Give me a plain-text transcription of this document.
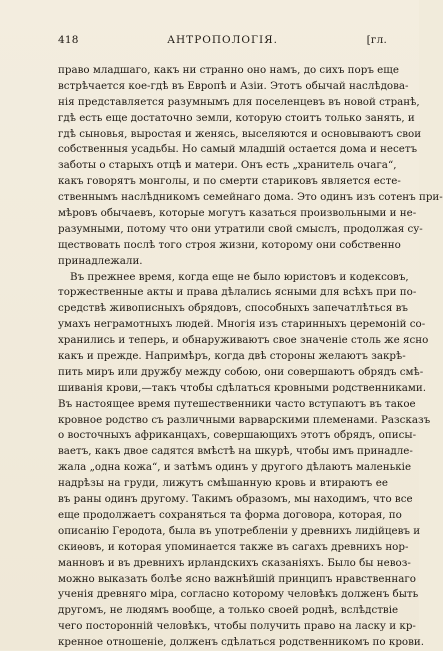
418	АНТРОПОЛОГІЯ.	[гл.
право младшаго, какъ ни странно оно намъ, до сихъ поръ еще
встрѣчается кое-гдѣ въ Европѣ и Азіи. Этотъ обычай наслѣдова-
нія представляется разумнымъ для поселенцевъ въ новой странѣ,
гдѣ есть еще достаточно земли, которую стоитъ только занять, и
гдѣ сыновья, выростая и женясь, выселяются и основываютъ свои
собственныя усадьбы. Но самый младшій остается дома и несетъ
заботы о старыхъ отцѣ и матери. Онъ есть „хранитель очага“,
какъ говорятъ монголы, и по смерти стариковъ является есте-
ственнымъ наслѣдникомъ семейнаго дома. Это одинъ изъ сотенъ при-
мѣровъ обычаевъ, которые могутъ казаться произвольными и не-
разумными, потому что они утратили свой смыслъ, продолжая су-
ществовать послѣ того строя жизни, которому они собственно
принадлежали.
Въ прежнее время, когда еще не было юристовъ и кодексовъ,
торжественные акты и права дѣлались ясными для всѣхъ при по-
средствѣ живописныхъ обрядовъ, способныхъ запечатлѣться въ
умахъ неграмотныхъ людей. Многія изъ старинныхъ церемоній со-
хранились и теперь, и обнаруживаютъ свое значеніе столь же ясно
какъ и прежде. Напримѣръ, когда двѣ стороны желаютъ закрѣ-
пить миръ или дружбу между собою, они совершаютъ обрядъ смѣ-
шиванія крови,—такъ чтобы сдѣлаться кровными родственниками.
Въ настоящее время путешественники часто вступаютъ въ такое
кровное родство съ различными варварскими племенами. Разсказъ
о восточныхъ африканцахъ, совершающихъ этотъ обрядъ, описы-
ваетъ, какъ двое садятся вмѣстѣ на шкурѣ, чтобы имъ принадле-
жала „одна кожа“, и затѣмъ одинъ у другого дѣлаютъ маленькіе
надрѣзы на груди, лижутъ смѣшанную кровь и втираютъ ее
въ раны одинъ другому. Такимъ образомъ, мы находимъ, что все
еще продолжаетъ сохраняться та форма договора, которая, по
описанію Геродота, была въ употребленіи у древнихъ лидійцевъ и
скиѳовъ, и которая упоминается также въ сагахъ древнихъ нор-
манновъ и въ древнихъ ирландскихъ сказаніяхъ. Было бы невоз-
можно выказать болѣе ясно важнѣйшій принципъ нравственнаго
ученія древняго міра, согласно которому человѣкъ долженъ быть
другомъ, не людямъ вообще, а только своей роднѣ, вслѣдствіе
чего посторонній человѣкъ, чтобы получить право на ласку и кр-
кренное отношеніе, долженъ сдѣлаться родственникомъ по крови.
